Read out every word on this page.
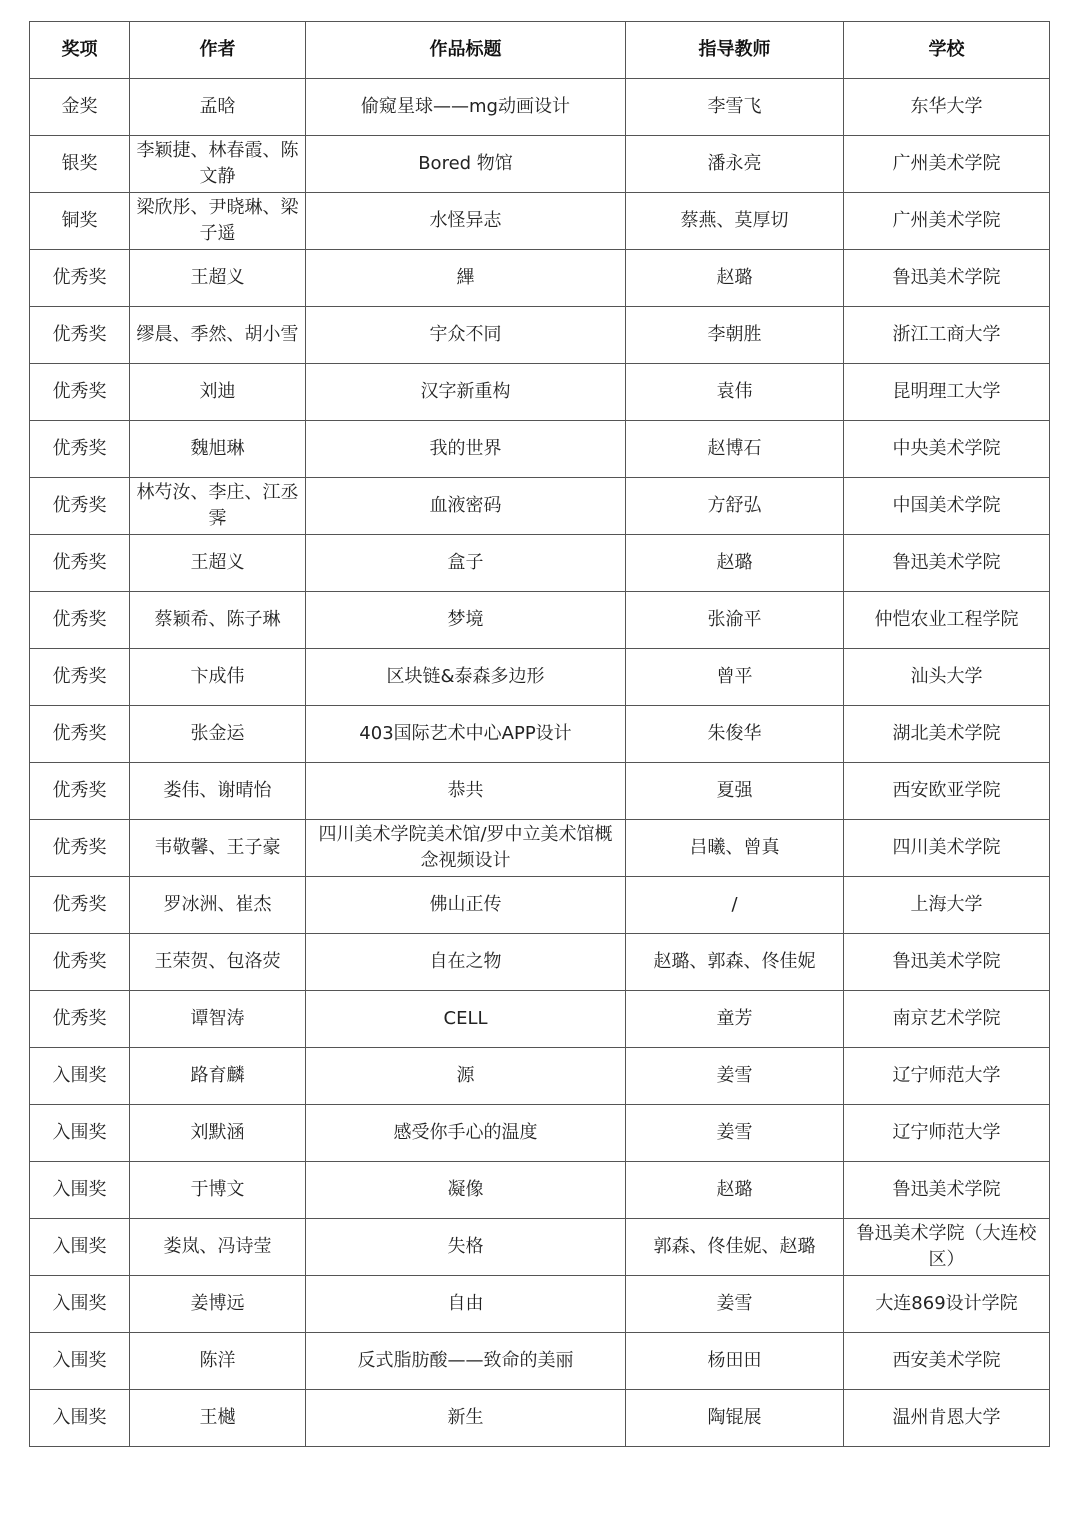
奖项	作者	作品标题	指导教师	学校
金奖	孟晗	偷窥星球——mg动画设计	李雪飞	东华大学
银奖	李颖捷、林春霞、陈文静	Bored 物馆	潘永亮	广州美术学院
铜奖	梁欣彤、尹晓琳、梁子遥	水怪异志	蔡燕、莫厚切	广州美术学院
优秀奖	王超义	縪	赵璐	鲁迅美术学院
优秀奖	缪晨、季然、胡小雪	宇众不同	李朝胜	浙江工商大学
优秀奖	刘迪	汉字新重构	袁伟	昆明理工大学
优秀奖	魏旭琳	我的世界	赵博石	中央美术学院
优秀奖	林芍汝、李庄、江丞霁	血液密码	方舒弘	中国美术学院
优秀奖	王超义	盒子	赵璐	鲁迅美术学院
优秀奖	蔡颖希、陈子琳	梦境	张渝平	仲恺农业工程学院
优秀奖	卞成伟	区块链&泰森多边形	曾平	汕头大学
优秀奖	张金运	403国际艺术中心APP设计	朱俊华	湖北美术学院
优秀奖	娄伟、谢晴怡	恭共	夏强	西安欧亚学院
优秀奖	韦敬馨、王子豪	四川美术学院美术馆/罗中立美术馆概念视频设计	吕曦、曾真	四川美术学院
优秀奖	罗冰洲、崔杰	佛山正传	/	上海大学
优秀奖	王荣贺、包洛荧	自在之物	赵璐、郭森、佟佳妮	鲁迅美术学院
优秀奖	谭智涛	CELL	童芳	南京艺术学院
入围奖	路育麟	源	姜雪	辽宁师范大学
入围奖	刘默涵	感受你手心的温度	姜雪	辽宁师范大学
入围奖	于博文	凝像	赵璐	鲁迅美术学院
入围奖	娄岚、冯诗莹	失格	郭森、佟佳妮、赵璐	鲁迅美术学院（大连校区）
入围奖	姜博远	自由	姜雪	大连869设计学院
入围奖	陈洋	反式脂肪酸——致命的美丽	杨田田	西安美术学院
入围奖	王樾	新生	陶锟展	温州肯恩大学
